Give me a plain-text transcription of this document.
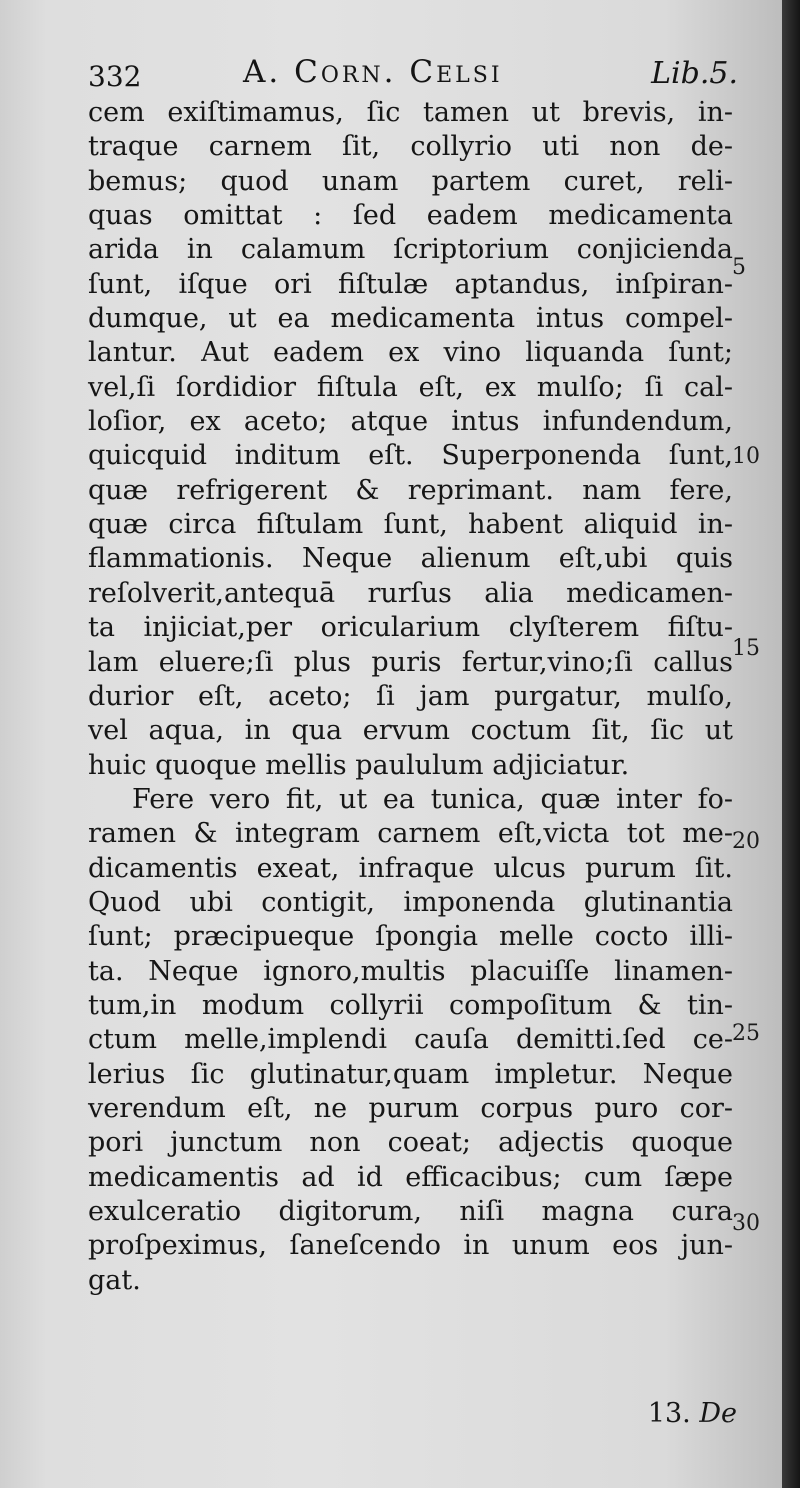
332	A. Corn. Celsi	Lib.5.
cem exiſtimamus, ſic tamen ut brevis, in-
traque carnem ſit, collyrio uti non de-
bemus; quod unam partem curet, reli-
quas omittat : ſed eadem medicamenta
arida in calamum ſcriptorium conjicienda
ſunt, iſque ori fiſtulæ aptandus, inſpiran-
dumque, ut ea medicamenta intus compel-
lantur. Aut eadem ex vino liquanda ſunt;
vel,ſi ſordidior fiſtula eſt, ex mulſo; ſi cal-
loſior, ex aceto; atque intus infundendum,
quicquid inditum eſt. Superponenda ſunt,
quæ refrigerent & reprimant. nam fere,
quæ circa fiſtulam ſunt, habent aliquid in-
flammationis. Neque alienum eſt,ubi quis
reſolverit,antequā rurſus alia medicamen-
ta injiciat,per oricularium clyſterem fiſtu-
lam eluere;ſi plus puris fertur,vino;ſi callus
durior eſt, aceto; ſi jam purgatur, mulſo,
vel aqua, in qua ervum coctum ſit, ſic ut
huic quoque mellis paululum adjiciatur.
Fere vero fit, ut ea tunica, quæ inter fo-
ramen & integram carnem eſt,victa tot me-
dicamentis exeat, infraque ulcus purum ſit.
Quod ubi contigit, imponenda glutinantia
ſunt; præcipueque ſpongia melle cocto illi-
ta. Neque ignoro,multis placuiſſe linamen-
tum,in modum collyrii compoſitum & tin-
ctum melle,implendi cauſa demitti.ſed ce-
lerius ſic glutinatur,quam impletur. Neque
verendum eſt, ne purum corpus puro cor-
pori junctum non coeat; adjectis quoque
medicamentis ad id efficacibus; cum ſæpe
exulceratio digitorum, niſi magna cura
proſpeximus, ſaneſcendo in unum eos jun-
gat.
5
10
15
20
25
30
13. De
